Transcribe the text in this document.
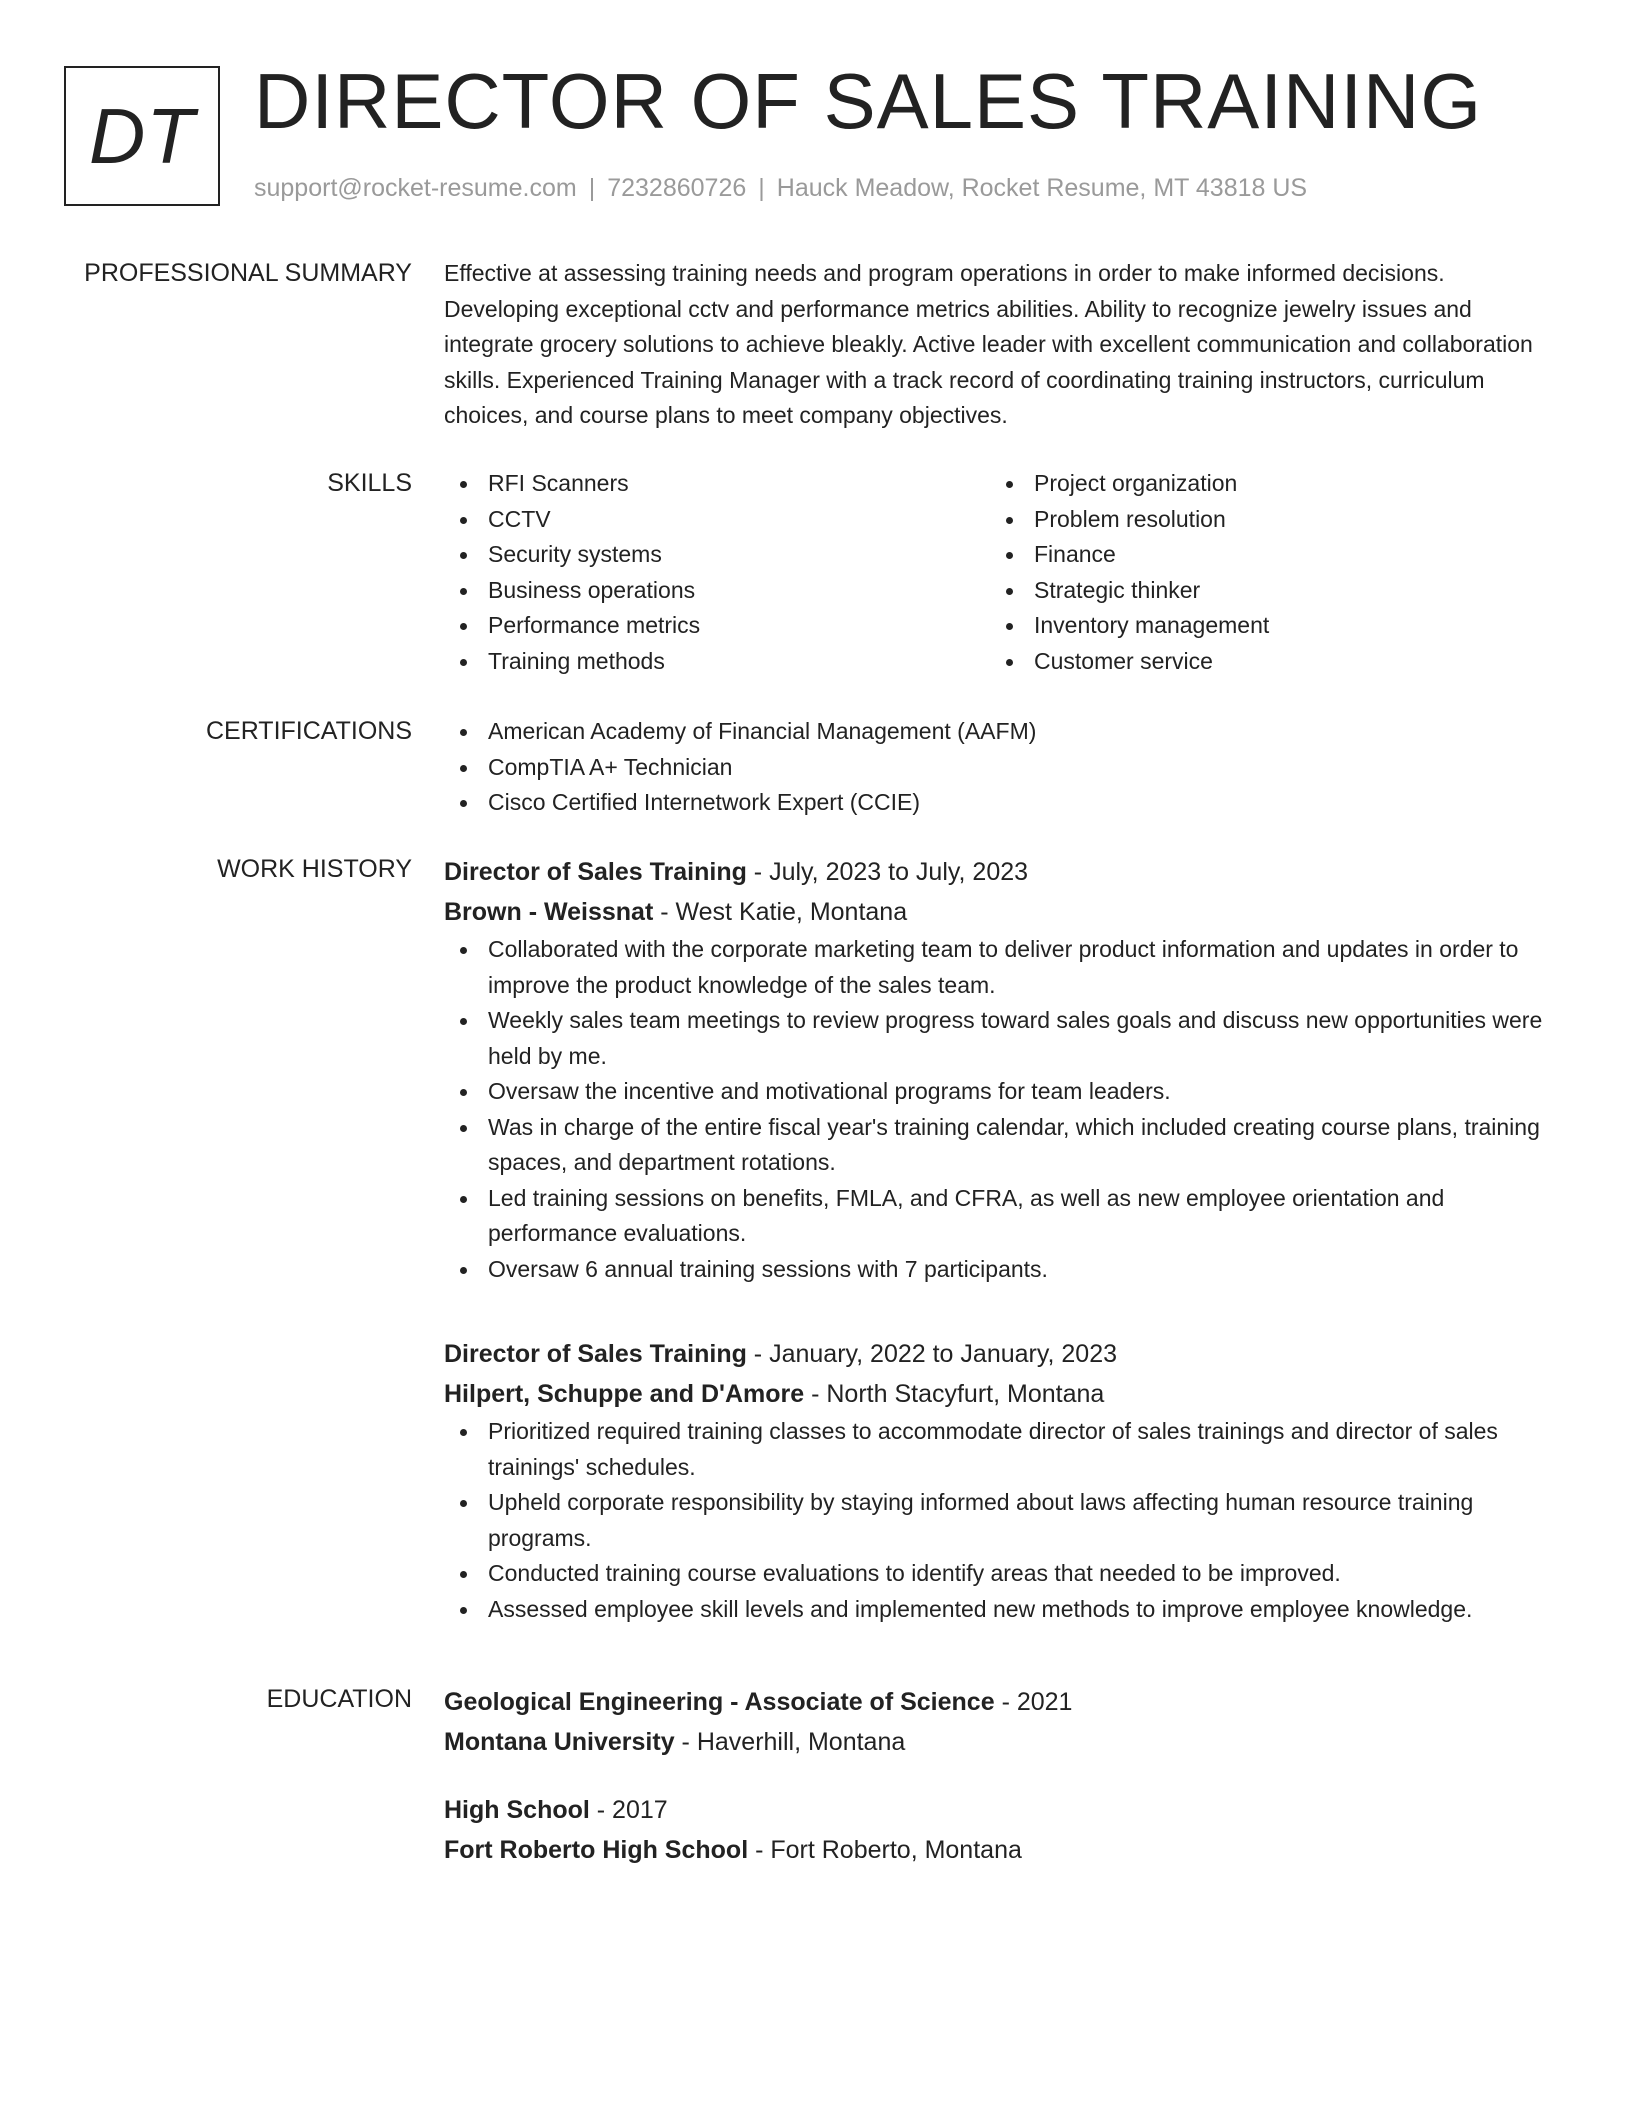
DT DIRECTOR OF SALES TRAINING
support@rocket-resume.com | 7232860726 | Hauck Meadow, Rocket Resume, MT 43818 US
PROFESSIONAL SUMMARY Effective at assessing training needs and program operations in order to make informed decisions. Developing exceptional cctv and performance metrics abilities. Ability to recognize jewelry issues and integrate grocery solutions to achieve bleakly. Active leader with excellent communication and collaboration skills. Experienced Training Manager with a track record of coordinating training instructors, curriculum choices, and course plans to meet company objectives.

SKILLS	RFI Scanners
CCTV
Security systems
Business operations
Performance metrics
Training methods
Project organization
Problem resolution
Finance
Strategic thinker
Inventory management
Customer service
CERTIFICATIONS	American Academy of Financial Management (AAFM)
CompTIA A+ Technician
Cisco Certified Internetwork Expert (CCIE)
WORK HISTORY Director of Sales Training - July, 2023 to July, 2023
Brown - Weissnat - West Katie, Montana
Collaborated with the corporate marketing team to deliver product information and updates in order to improve the product knowledge of the sales team.
Weekly sales team meetings to review progress toward sales goals and discuss new opportunities were held by me.
Oversaw the incentive and motivational programs for team leaders.
Was in charge of the entire fiscal year's training calendar, which included creating course plans, training spaces, and department rotations.
Led training sessions on benefits, FMLA, and CFRA, as well as new employee orientation and performance evaluations.
Oversaw 6 annual training sessions with 7 participants.
Director of Sales Training - January, 2022 to January, 2023
Hilpert, Schuppe and D'Amore - North Stacyfurt, Montana
Prioritized required training classes to accommodate director of sales trainings and director of sales trainings' schedules.
Upheld corporate responsibility by staying informed about laws affecting human resource training programs.
Conducted training course evaluations to identify areas that needed to be improved.
Assessed employee skill levels and implemented new methods to improve employee knowledge.
EDUCATION Geological Engineering - Associate of Science - 2021
Montana University - Haverhill, Montana
High School - 2017
Fort Roberto High School - Fort Roberto, Montana
